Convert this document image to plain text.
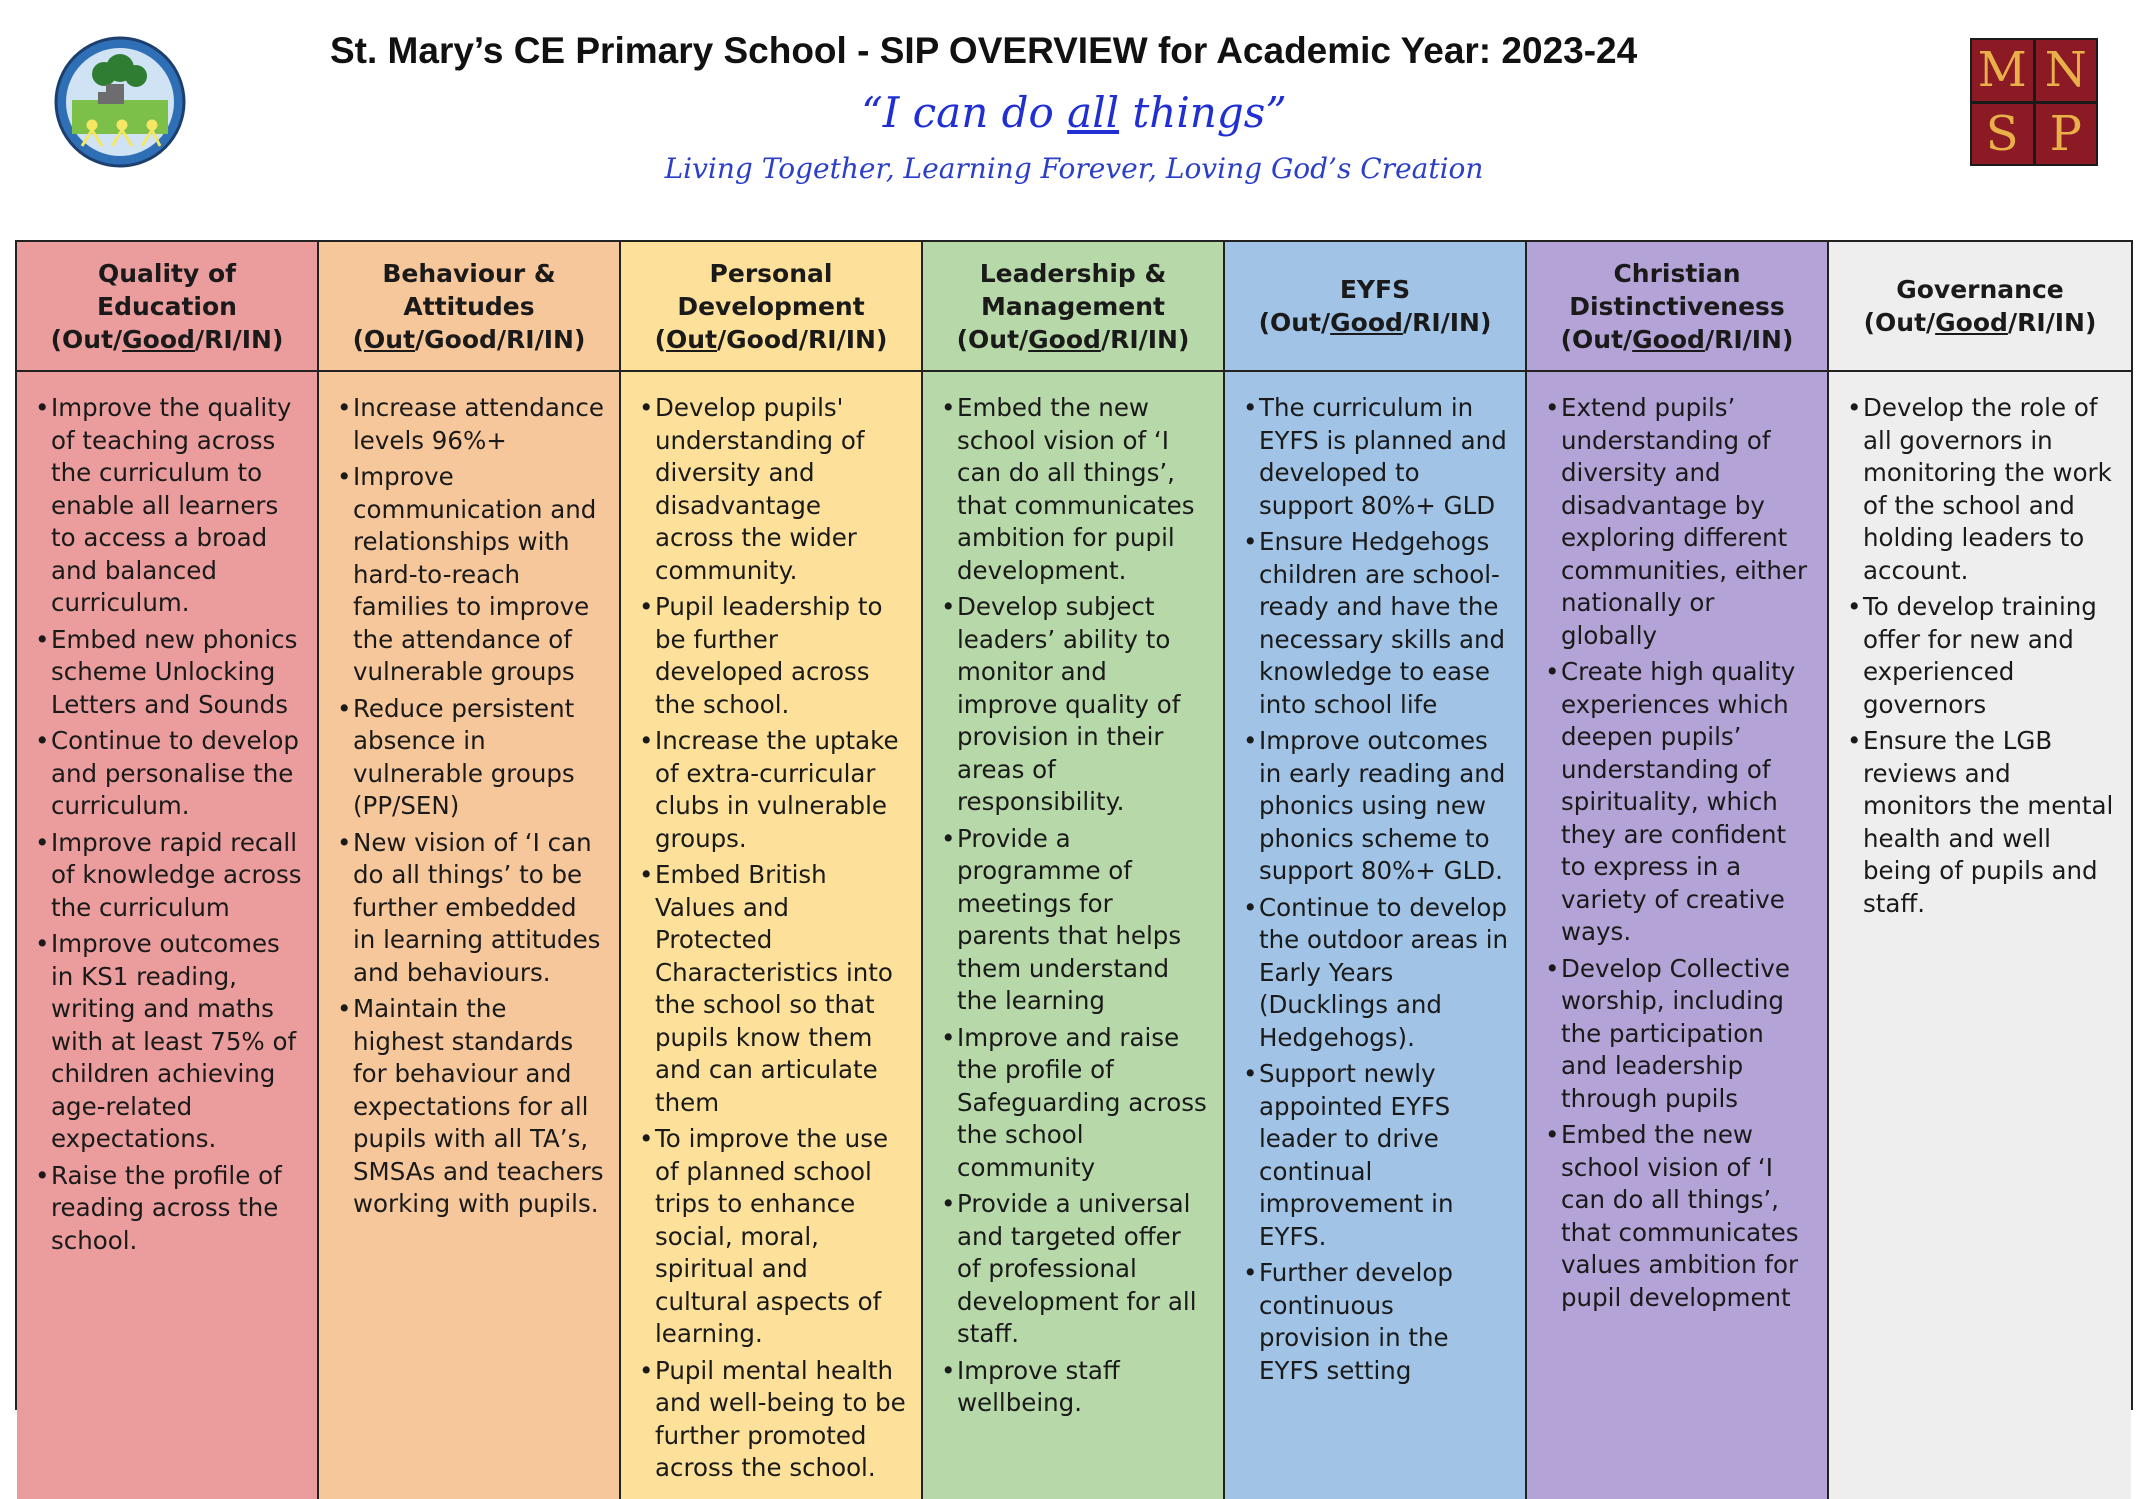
St. Mary’s CE Primary School - SIP OVERVIEW for Academic Year: 2023-24
“I can do all things”
Living Together, Learning Forever, Loving God’s Creation
M N
S P
Quality of Education
(Out/Good/RI/IN)
Behaviour & Attitudes
(Out/Good/RI/IN)
Personal Development
(Out/Good/RI/IN)
Leadership & Management
(Out/Good/RI/IN)
EYFS
(Out/Good/RI/IN)
Christian Distinctiveness
(Out/Good/RI/IN)
Governance
(Out/Good/RI/IN)
• Improve the quality of teaching across the curriculum to enable all learners to access a broad and balanced curriculum.
• Embed new phonics scheme Unlocking Letters and Sounds
• Continue to develop and personalise the curriculum.
• Improve rapid recall of knowledge across the curriculum
• Improve outcomes in KS1 reading, writing and maths with at least 75% of children achieving age-related expectations.
• Raise the profile of reading across the school.
• Increase attendance levels 96%+
• Improve communication and relationships with hard-to-reach families to improve the attendance of vulnerable groups
• Reduce persistent absence in vulnerable groups (PP/SEN)
• New vision of ‘I can do all things’ to be further embedded in learning attitudes and behaviours.
• Maintain the highest standards for behaviour and expectations for all pupils with all TA’s, SMSAs and teachers working with pupils.
• Develop pupils' understanding of diversity and disadvantage across the wider community.
• Pupil leadership to be further developed across the school.
• Increase the uptake of extra-curricular clubs in vulnerable groups.
• Embed British Values and Protected Characteristics into the school so that pupils know them and can articulate them
• To improve the use of planned school trips to enhance social, moral, spiritual and cultural aspects of learning.
• Pupil mental health and well-being to be further promoted across the school.
• Embed the new school vision of ‘I can do all things’, that communicates ambition for pupil development.
• Develop subject leaders’ ability to monitor and improve quality of provision in their areas of responsibility.
• Provide a programme of meetings for parents that helps them understand the learning
• Improve and raise the profile of Safeguarding across the school community
• Provide a universal and targeted offer of professional development for all staff.
• Improve staff wellbeing.
• The curriculum in EYFS is planned and developed to support 80%+ GLD
• Ensure Hedgehogs children are school-ready and have the necessary skills and knowledge to ease into school life
• Improve outcomes in early reading and phonics using new phonics scheme to support 80%+ GLD.
• Continue to develop the outdoor areas in Early Years (Ducklings and Hedgehogs).
• Support newly appointed EYFS leader to drive continual improvement in EYFS.
• Further develop continuous provision in the EYFS setting
• Extend pupils’ understanding of diversity and disadvantage by exploring different communities, either nationally or globally
• Create high quality experiences which deepen pupils’ understanding of spirituality, which they are confident to express in a variety of creative ways.
• Develop Collective worship, including the participation and leadership through pupils
• Embed the new school vision of ‘I can do all things’, that communicates values ambition for pupil development
• Develop the role of all governors in monitoring the work of the school and holding leaders to account.
• To develop training offer for new and experienced governors
• Ensure the LGB reviews and monitors the mental health and well being of pupils and staff.
